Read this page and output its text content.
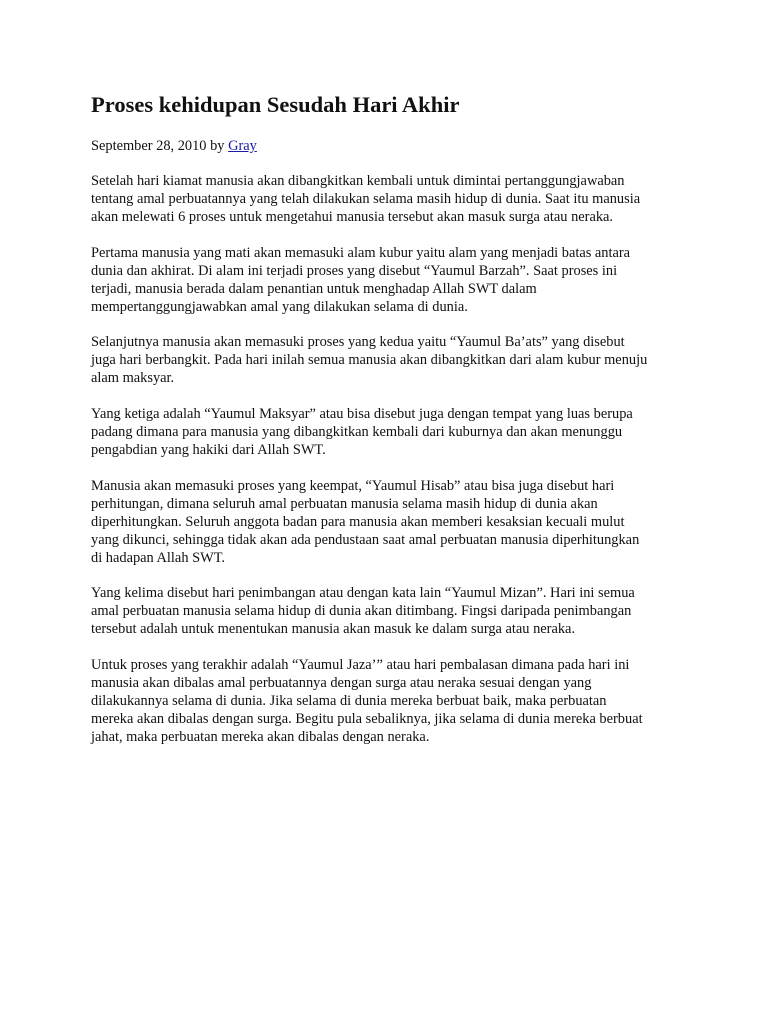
Proses kehidupan Sesudah Hari Akhir
September 28, 2010 by Gray

Setelah hari kiamat manusia akan dibangkitkan kembali untuk dimintai pertanggungjawaban
tentang amal perbuatannya yang telah dilakukan selama masih hidup di dunia. Saat itu manusia
akan melewati 6 proses untuk mengetahui manusia tersebut akan masuk surga atau neraka.

Pertama manusia yang mati akan memasuki alam kubur yaitu alam yang menjadi batas antara
dunia dan akhirat. Di alam ini terjadi proses yang disebut “Yaumul Barzah”. Saat proses ini
terjadi, manusia berada dalam penantian untuk menghadap Allah SWT dalam
mempertanggungjawabkan amal yang dilakukan selama di dunia.

Selanjutnya manusia akan memasuki proses yang kedua yaitu “Yaumul Ba’ats” yang disebut
juga hari berbangkit. Pada hari inilah semua manusia akan dibangkitkan dari alam kubur menuju
alam maksyar.

Yang ketiga adalah “Yaumul Maksyar” atau bisa disebut juga dengan tempat yang luas berupa
padang dimana para manusia yang dibangkitkan kembali dari kuburnya dan akan menunggu
pengabdian yang hakiki dari Allah SWT.

Manusia akan memasuki proses yang keempat, “Yaumul Hisab” atau bisa juga disebut hari
perhitungan, dimana seluruh amal perbuatan manusia selama masih hidup di dunia akan
diperhitungkan. Seluruh anggota badan para manusia akan memberi kesaksian kecuali mulut
yang dikunci, sehingga tidak akan ada pendustaan saat amal perbuatan manusia diperhitungkan
di hadapan Allah SWT.

Yang kelima disebut hari penimbangan atau dengan kata lain “Yaumul Mizan”. Hari ini semua
amal perbuatan manusia selama hidup di dunia akan ditimbang. Fingsi daripada penimbangan
tersebut adalah untuk menentukan manusia akan masuk ke dalam surga atau neraka.

Untuk proses yang terakhir adalah “Yaumul Jaza’” atau hari pembalasan dimana pada hari ini
manusia akan dibalas amal perbuatannya dengan surga atau neraka sesuai dengan yang
dilakukannya selama di dunia. Jika selama di dunia mereka berbuat baik, maka perbuatan
mereka akan dibalas dengan surga. Begitu pula sebaliknya, jika selama di dunia mereka berbuat
jahat, maka perbuatan mereka akan dibalas dengan neraka.
